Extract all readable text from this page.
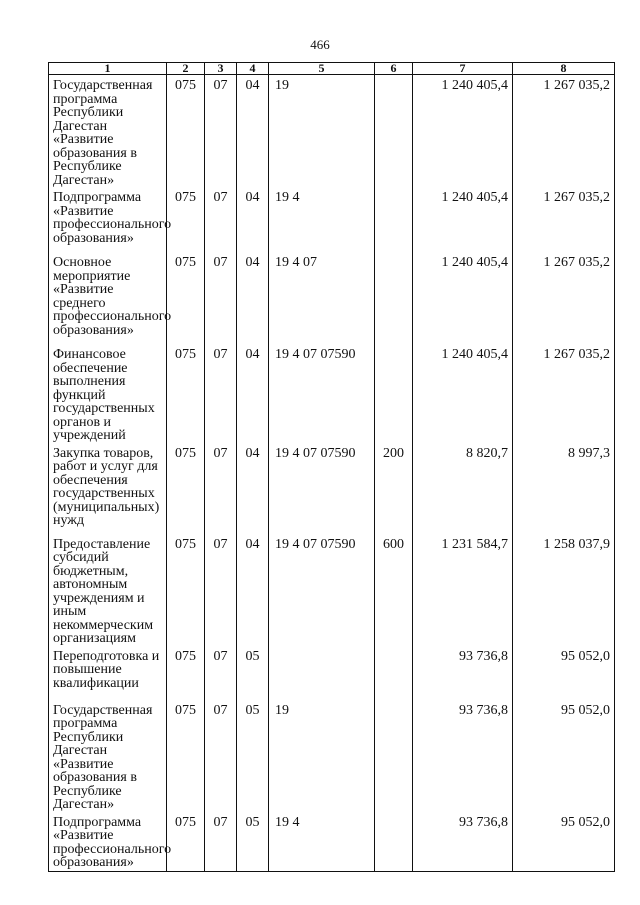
466
1	2	3	4	5	6	7	8
Государственная программа Республики Дагестан «Развитие образования в Республике Дагестан»	075	07	04	19		1 240 405,4	1 267 035,2
Подпрограмма «Развитие профессионального образования»	075	07	04	19 4		1 240 405,4	1 267 035,2
Основное мероприятие «Развитие среднего профессионального образования»	075	07	04	19 4 07		1 240 405,4	1 267 035,2
Финансовое обеспечение выполнения функций государственных органов и учреждений	075	07	04	19 4 07 07590		1 240 405,4	1 267 035,2
Закупка товаров, работ и услуг для обеспечения государственных (муниципальных) нужд	075	07	04	19 4 07 07590	200	8 820,7	8 997,3
Предоставление субсидий бюджетным, автономным учреждениям и иным некоммерческим организациям	075	07	04	19 4 07 07590	600	1 231 584,7	1 258 037,9
Переподготовка и повышение квалификации	075	07	05			93 736,8	95 052,0
Государственная программа Республики Дагестан «Развитие образования в Республике Дагестан»	075	07	05	19		93 736,8	95 052,0
Подпрограмма «Развитие профессионального образования»	075	07	05	19 4		93 736,8	95 052,0
